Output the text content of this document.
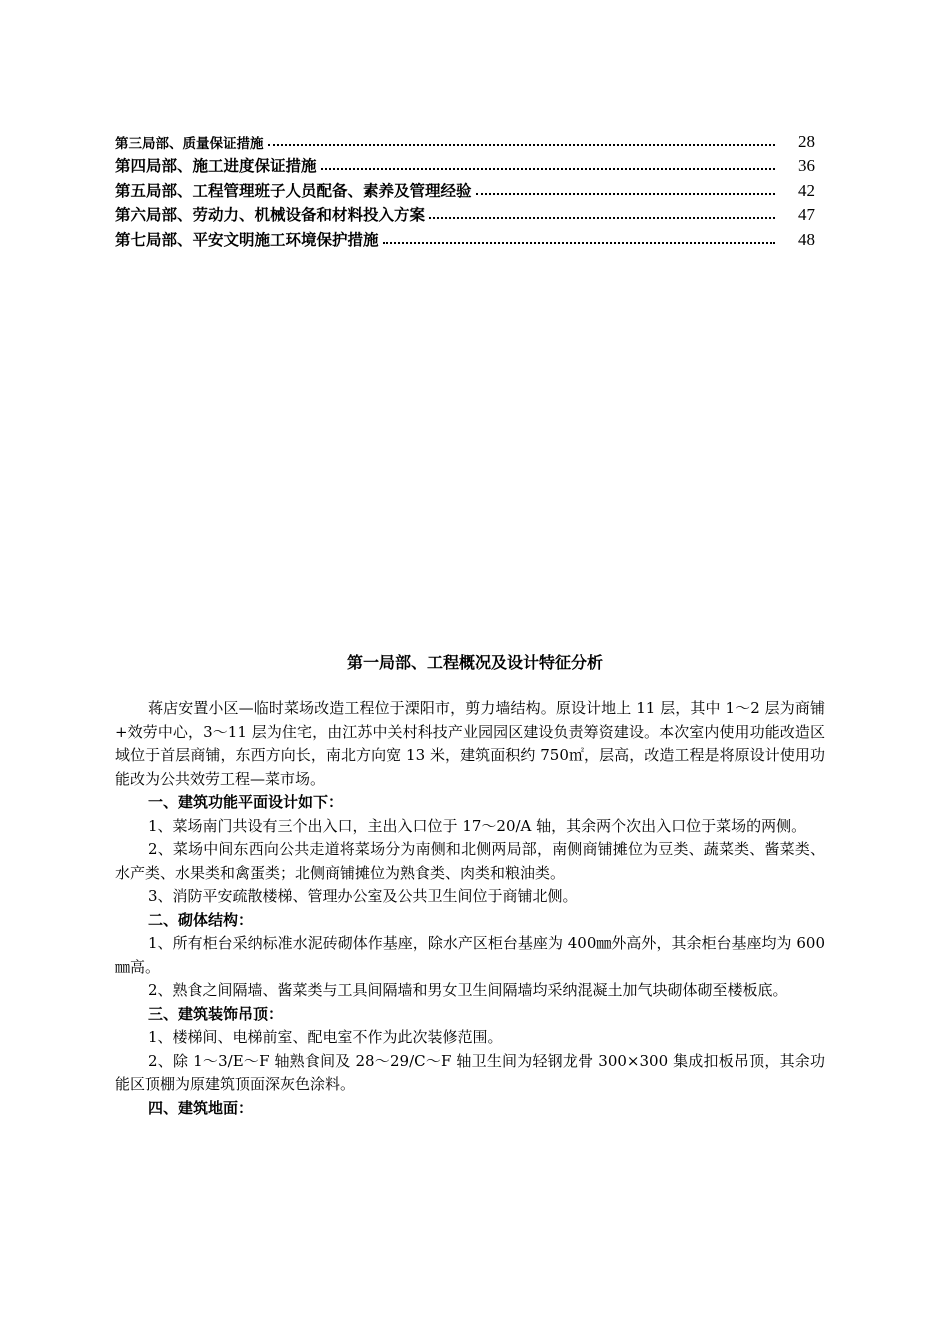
第三局部、质量保证措施	28
第四局部、施工进度保证措施	36
第五局部、工程管理班子人员配备、素养及管理经验	42
第六局部、劳动力、机械设备和材料投入方案	47
第七局部、平安文明施工环境保护措施	48
第一局部、工程概况及设计特征分析

蒋店安置小区—临时菜场改造工程位于溧阳市，剪力墙结构。原设计地上 11 层，其中 1～2 层为商铺+效劳中心，3～11 层为住宅，由江苏中关村科技产业园园区建设负责筹资建设。本次室内使用功能改造区域位于首层商铺，东西方向长，南北方向宽 13 米，建筑面积约 750㎡，层高，改造工程是将原设计使用功能改为公共效劳工程—菜市场。

一、建筑功能平面设计如下：

1、菜场南门共设有三个出入口，主出入口位于 17～20/A 轴，其余两个次出入口位于菜场的两侧。

2、菜场中间东西向公共走道将菜场分为南侧和北侧两局部，南侧商铺摊位为豆类、蔬菜类、酱菜类、水产类、水果类和禽蛋类；北侧商铺摊位为熟食类、肉类和粮油类。

3、消防平安疏散楼梯、管理办公室及公共卫生间位于商铺北侧。

二、砌体结构：

1、所有柜台采纳标准水泥砖砌体作基座，除水产区柜台基座为 400㎜外高外，其余柜台基座均为 600㎜高。

2、熟食之间隔墙、酱菜类与工具间隔墙和男女卫生间隔墙均采纳混凝土加气块砌体砌至楼板底。

三、建筑装饰吊顶：

1、楼梯间、电梯前室、配电室不作为此次装修范围。

2、除 1～3/E～F 轴熟食间及 28～29/C～F 轴卫生间为轻钢龙骨 300×300 集成扣板吊顶，其余功能区顶棚为原建筑顶面深灰色涂料。

四、建筑地面：
